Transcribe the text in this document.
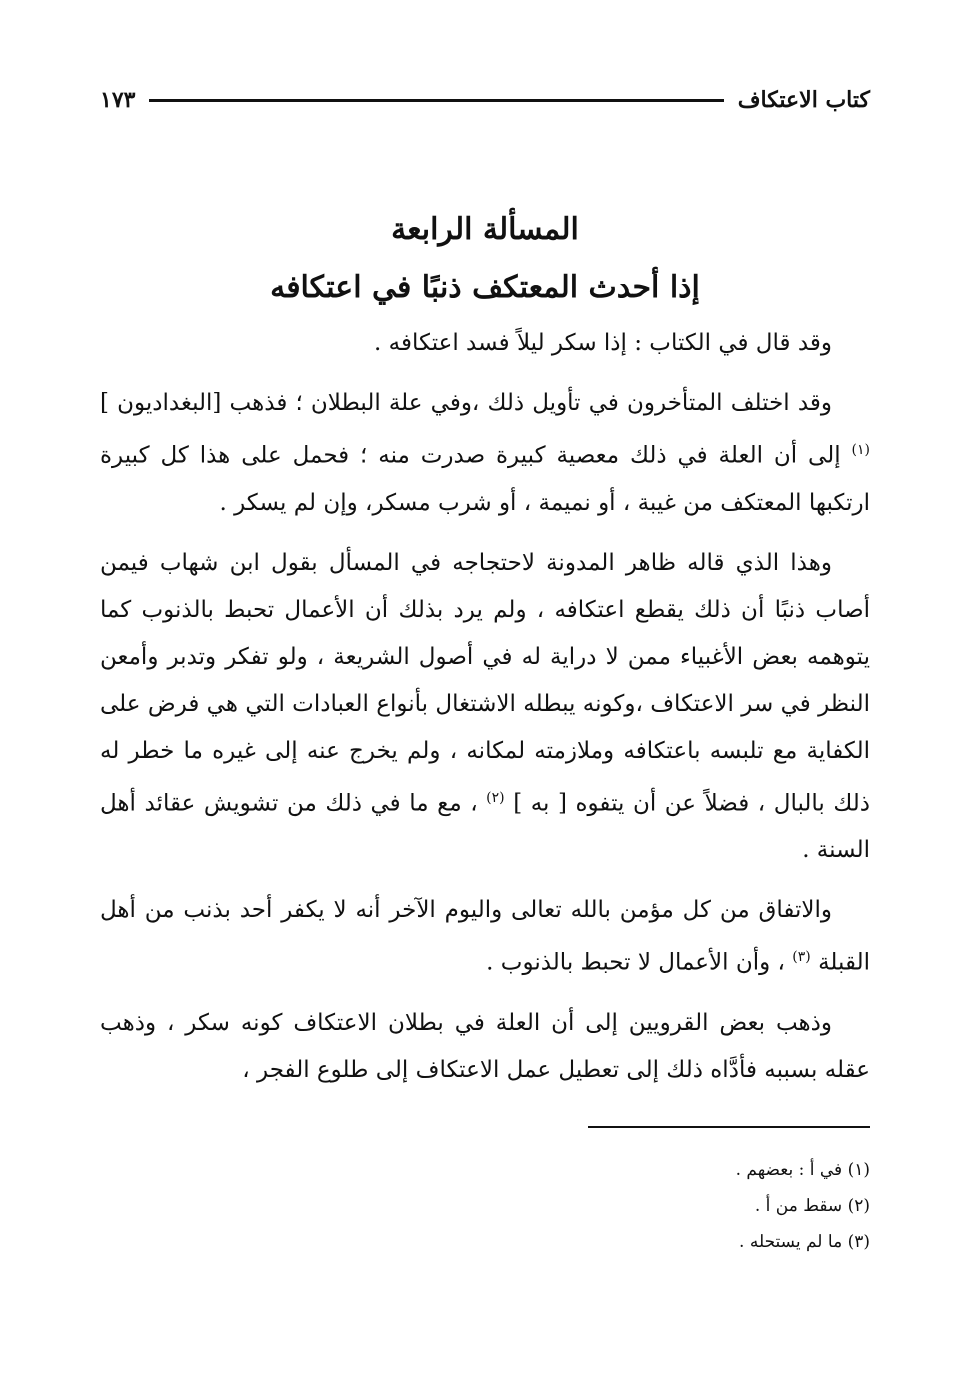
كتاب الاعتكاف
١٧٣
المسألة الرابعة
إذا أحدث المعتكف ذنبًا في اعتكافه

وقد قال في الكتاب : إذا سكر ليلاً فسد اعتكافه .

وقد اختلف المتأخرون في تأويل ذلك ،وفي علة البطلان ؛ فذهب [البغداديون ] $^{(١)}$ إلى أن العلة في ذلك معصية كبيرة صدرت منه ؛ فحمل على هذا كل كبيرة ارتكبها المعتكف من غيبة ، أو نميمة ، أو شرب مسكر، وإن لم يسكر .

وهذا الذي قاله ظاهر المدونة لاحتجاجه في المسأل بقول ابن شهاب فيمن أصاب ذنبًا أن ذلك يقطع اعتكافه ، ولم يرد بذلك أن الأعمال تحبط بالذنوب كما يتوهمه بعض الأغبياء ممن لا دراية له في أصول الشريعة ، ولو تفكر وتدبر وأمعن النظر في سر الاعتكاف ،وكونه يبطله الاشتغال بأنواع العبادات التي هي فرض على الكفاية مع تلبسه باعتكافه وملازمته لمكانه ، ولم يخرج عنه إلى غيره ما خطر له ذلك بالبال ، فضلاً عن أن يتفوه [ به ] $^{(٢)}$ ، مع ما في ذلك من تشويش عقائد أهل السنة .

والاتفاق من كل مؤمن بالله تعالى واليوم الآخر أنه لا يكفر أحد بذنب من أهل القبلة $^{(٣)}$ ، وأن الأعمال لا تحبط بالذنوب .

وذهب بعض القرويين إلى أن العلة في بطلان الاعتكاف كونه سكر ، وذهب عقله بسببه فأدَّاه ذلك إلى تعطيل عمل الاعتكاف إلى طلوع الفجر ،

(١) في أ : بعضهم .
(٢) سقط من أ .
(٣) ما لم يستحله .
